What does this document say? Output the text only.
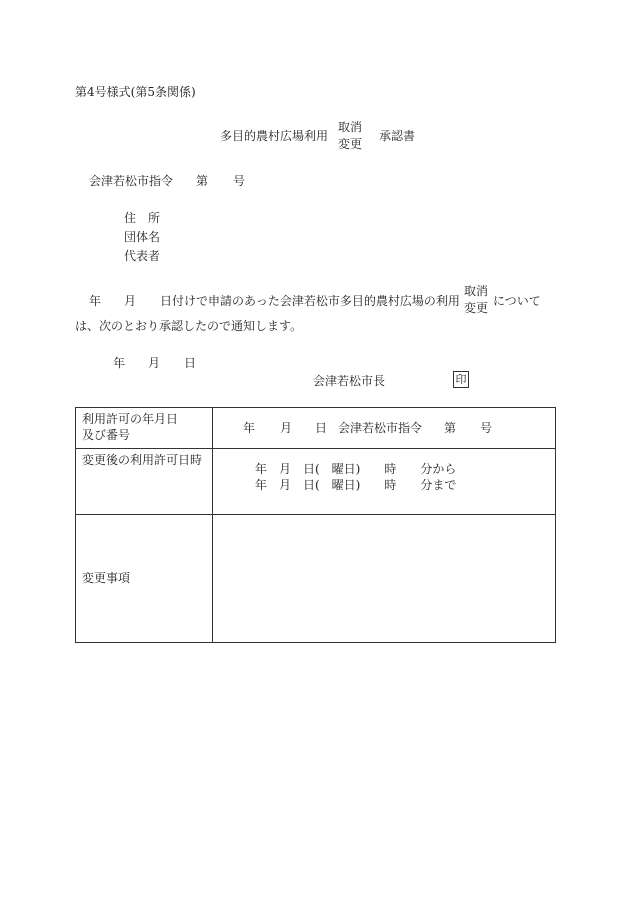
第4号様式(第5条関係)
多目的農村広場利用
取消
変更
承認書
会津若松市指令 第 号
住　所
団体名
代表者
年 月 日付けで申請のあった会津若松市多目的農村広場の利用
取消
変更 について
は、次のとおり承認したので通知します。
年 月 日
会津若松市長	印
利用許可の年月日
及び番号	年 月 日 会津若松市指令 第 号

変更後の利用許可日時	年　月　日(　曜日)　　時　　分から
年　月　日(　曜日)　　時　　分まで

変更事項	
